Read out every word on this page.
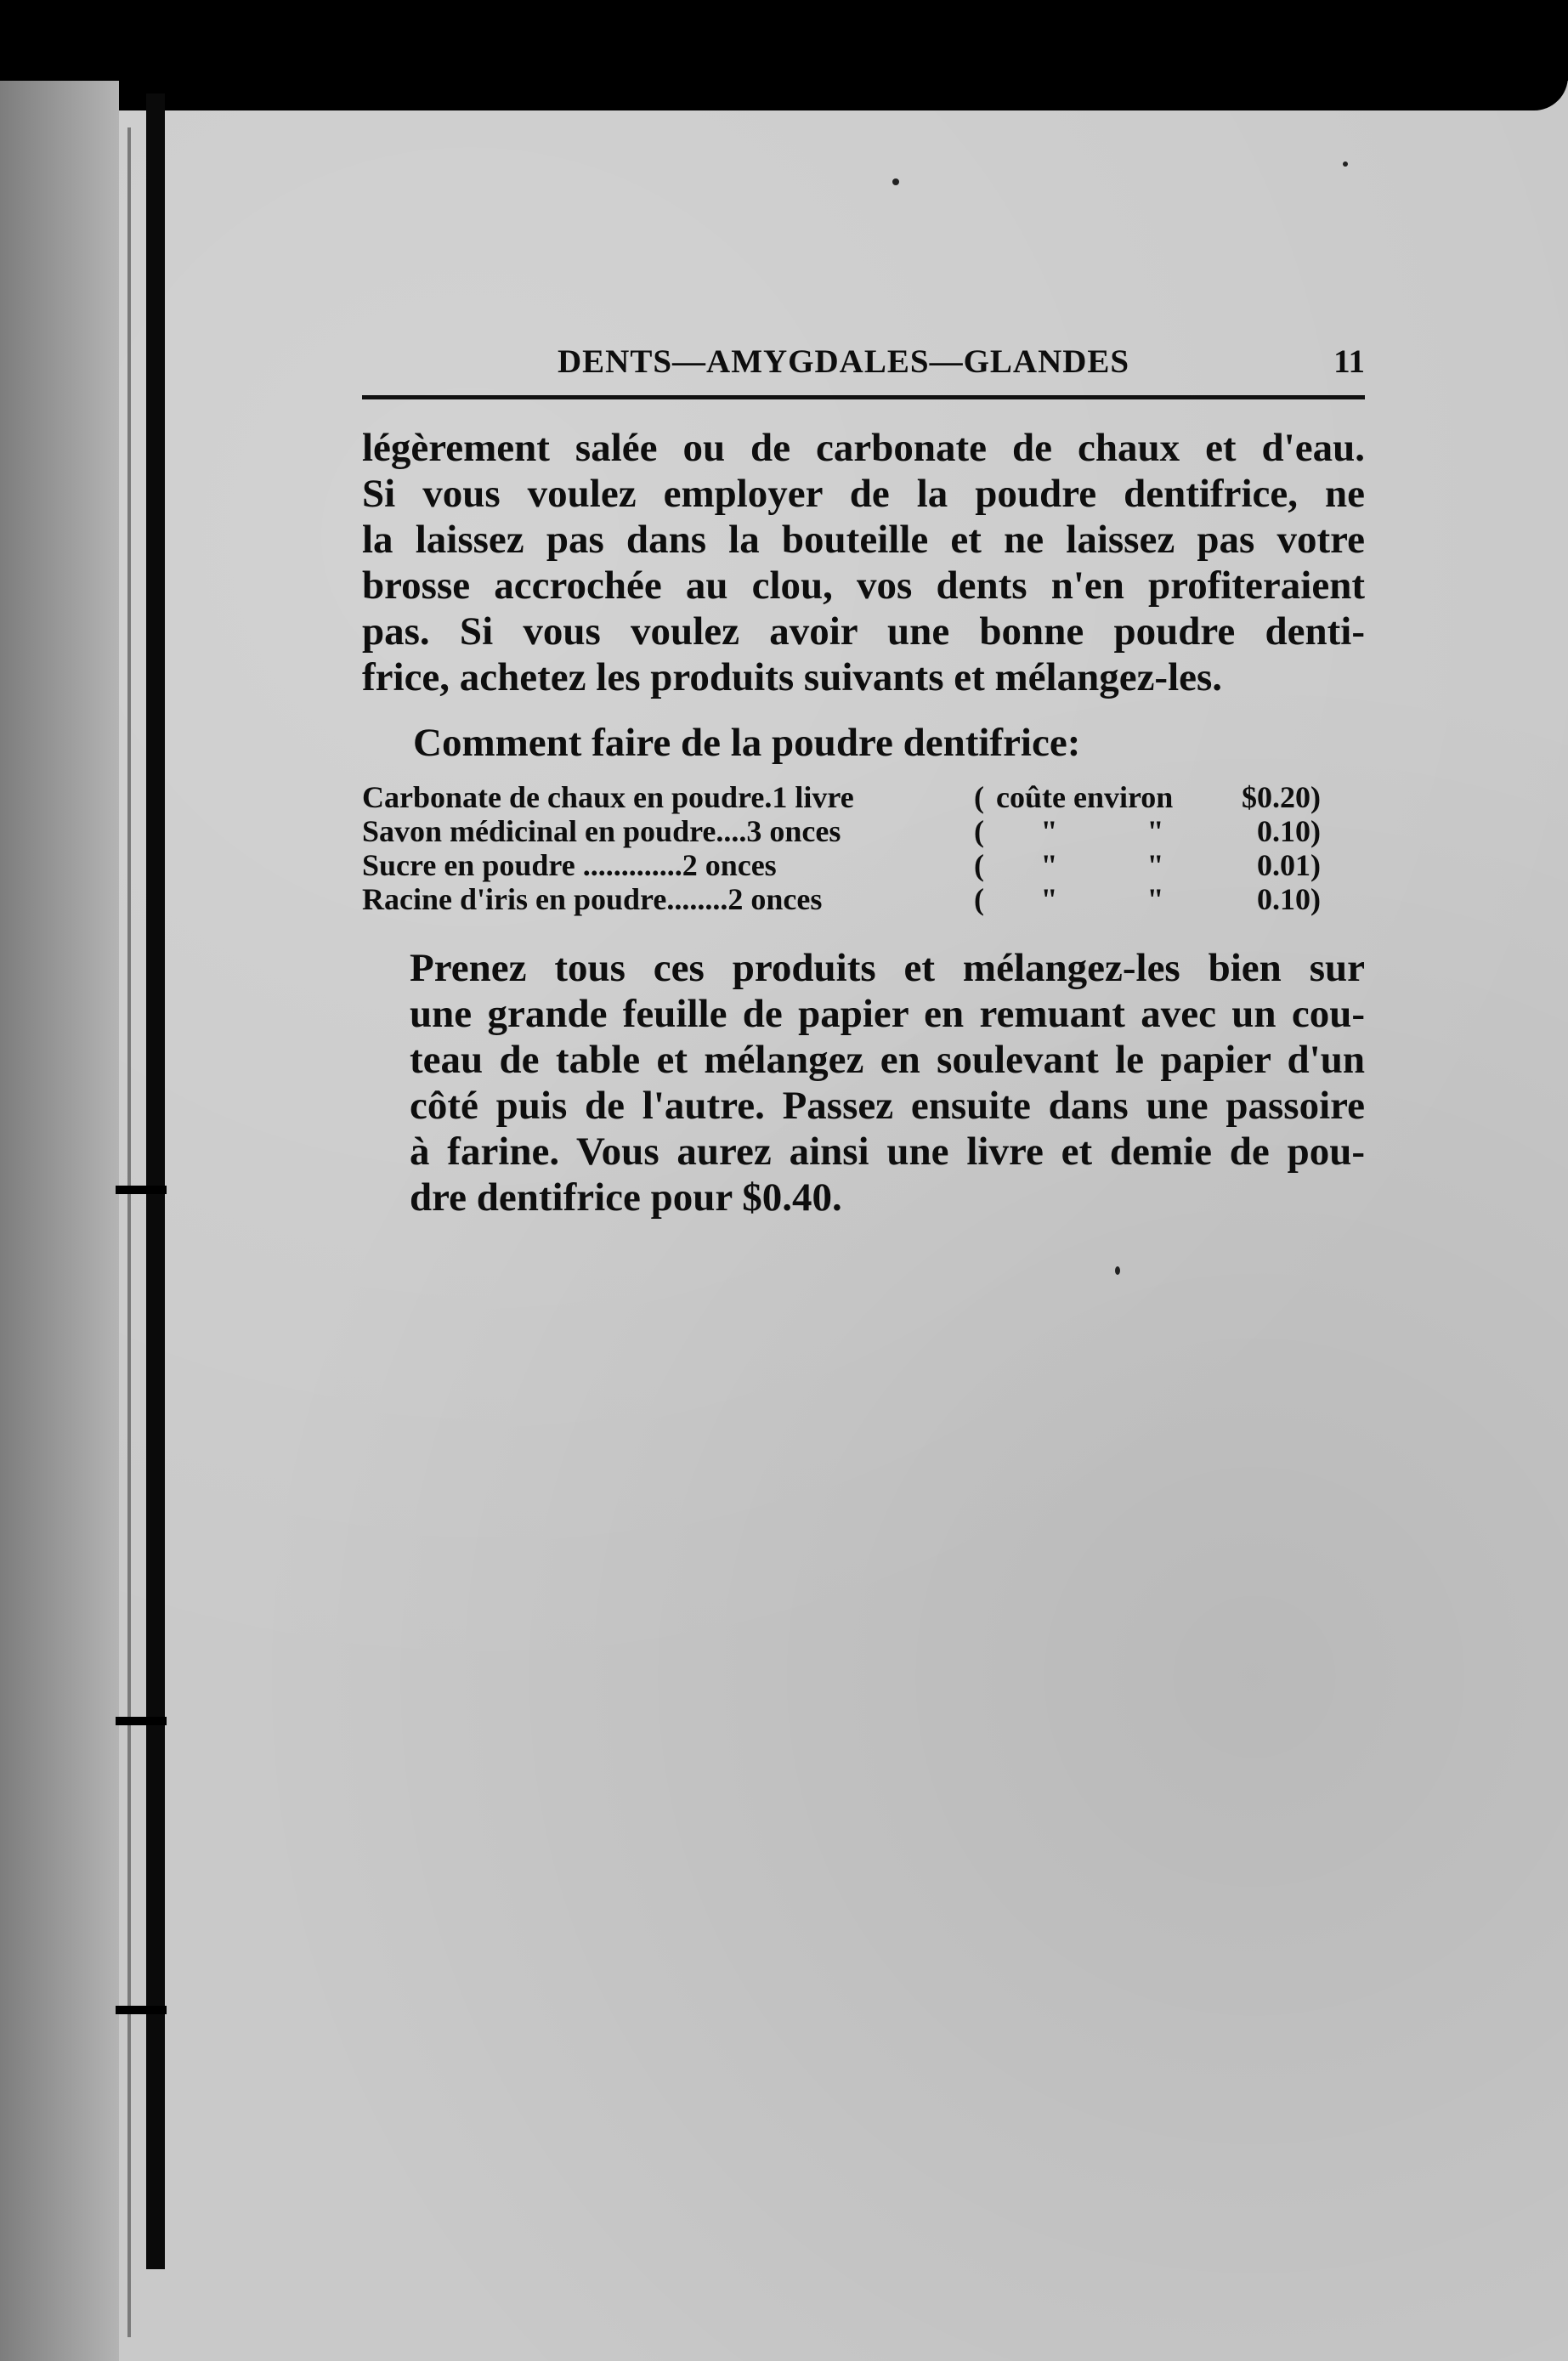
DENTS—AMYGDALES—GLANDES	11

légèrement salée ou de carbonate de chaux et d'eau.
Si vous voulez employer de la poudre dentifrice, ne
la laissez pas dans la bouteille et ne laissez pas votre
brosse accrochée au clou, vos dents n'en profiteraient
pas. Si vous voulez avoir une bonne poudre denti-
frice, achetez les produits suivants et mélangez-les.

Comment faire de la poudre dentifrice:
Carbonate de chaux en poudre.1 livre	( coûte environ	$0.20 )
Savon médicinal en poudre....3 onces	(	"	"	0.10 )
Sucre en poudre .............2 onces	(	"	"	0.01 )
Racine d'iris en poudre........2 onces	(	"	"	0.10 )

Prenez tous ces produits et mélangez-les bien sur
une grande feuille de papier en remuant avec un cou-
teau de table et mélangez en soulevant le papier d'un
côté puis de l'autre. Passez ensuite dans une passoire
à farine. Vous aurez ainsi une livre et demie de pou-
dre dentifrice pour $0.40.
